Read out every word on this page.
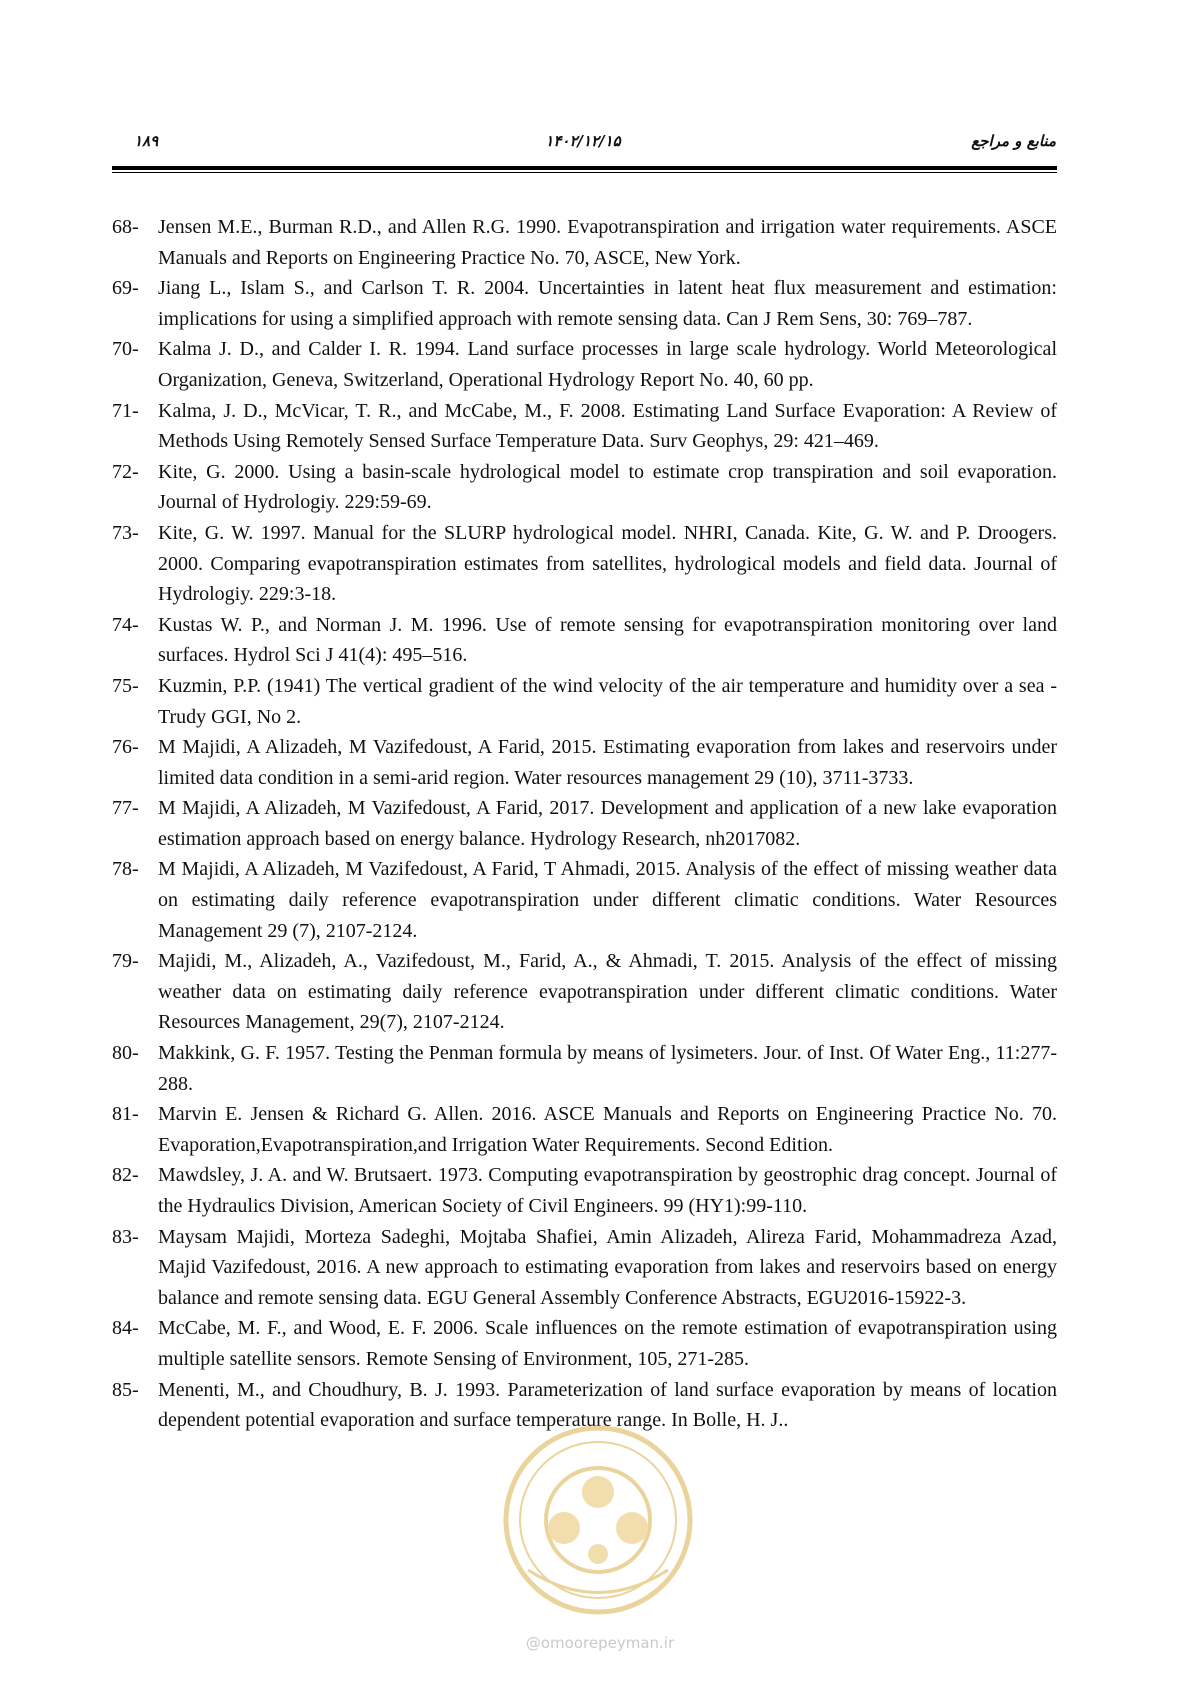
۱۸۹	۱۴۰۲/۱۲/۱۵	منابع و مراجع
68- Jensen M.E., Burman R.D., and Allen R.G. 1990. Evapotranspiration and irrigation water requirements. ASCE Manuals and Reports on Engineering Practice No. 70, ASCE, New York.
69- Jiang L., Islam S., and Carlson T. R. 2004. Uncertainties in latent heat flux measurement and estimation: implications for using a simplified approach with remote sensing data. Can J Rem Sens, 30: 769–787.
70- Kalma J. D., and Calder I. R. 1994. Land surface processes in large scale hydrology. World Meteorological Organization, Geneva, Switzerland, Operational Hydrology Report No. 40, 60 pp.
71- Kalma, J. D., McVicar, T. R., and McCabe, M., F. 2008. Estimating Land Surface Evaporation: A Review of Methods Using Remotely Sensed Surface Temperature Data. Surv Geophys, 29: 421–469.
72- Kite, G. 2000. Using a basin-scale hydrological model to estimate crop transpiration and soil evaporation. Journal of Hydrologiy. 229:59-69.
73- Kite, G. W. 1997. Manual for the SLURP hydrological model. NHRI, Canada. Kite, G. W. and P. Droogers. 2000. Comparing evapotranspiration estimates from satellites, hydrological models and field data. Journal of Hydrologiy. 229:3-18.
74- Kustas W. P., and Norman J. M. 1996. Use of remote sensing for evapotranspiration monitoring over land surfaces. Hydrol Sci J 41(4): 495–516.
75- Kuzmin, P.P. (1941) The vertical gradient of the wind velocity of the air temperature and humidity over a sea - Trudy GGI, No 2.
76- M Majidi, A Alizadeh, M Vazifedoust, A Farid, 2015. Estimating evaporation from lakes and reservoirs under limited data condition in a semi-arid region. Water resources management 29 (10), 3711-3733.
77- M Majidi, A Alizadeh, M Vazifedoust, A Farid, 2017. Development and application of a new lake evaporation estimation approach based on energy balance. Hydrology Research, nh2017082.
78- M Majidi, A Alizadeh, M Vazifedoust, A Farid, T Ahmadi, 2015. Analysis of the effect of missing weather data on estimating daily reference evapotranspiration under different climatic conditions. Water Resources Management 29 (7), 2107-2124.
79- Majidi, M., Alizadeh, A., Vazifedoust, M., Farid, A., & Ahmadi, T. 2015. Analysis of the effect of missing weather data on estimating daily reference evapotranspiration under different climatic conditions. Water Resources Management, 29(7), 2107-2124.
80- Makkink, G. F. 1957. Testing the Penman formula by means of lysimeters. Jour. of Inst. Of Water Eng., 11:277-288.
81- Marvin E. Jensen & Richard G. Allen. 2016. ASCE Manuals and Reports on Engineering Practice No. 70. Evaporation,Evapotranspiration,and Irrigation Water Requirements. Second Edition.
82- Mawdsley, J. A. and W. Brutsaert. 1973. Computing evapotranspiration by geostrophic drag concept. Journal of the Hydraulics Division, American Society of Civil Engineers. 99 (HY1):99-110.
83- Maysam Majidi, Morteza Sadeghi, Mojtaba Shafiei, Amin Alizadeh, Alireza Farid, Mohammadreza Azad, Majid Vazifedoust, 2016. A new approach to estimating evaporation from lakes and reservoirs based on energy balance and remote sensing data. EGU General Assembly Conference Abstracts, EGU2016-15922-3.
84- McCabe, M. F., and Wood, E. F. 2006. Scale influences on the remote estimation of evapotranspiration using multiple satellite sensors. Remote Sensing of Environment, 105, 271-285.
85- Menenti, M., and Choudhury, B. J. 1993. Parameterization of land surface evaporation by means of location dependent potential evaporation and surface temperature range. In Bolle, H. J..
@omoorepeyman.ir
